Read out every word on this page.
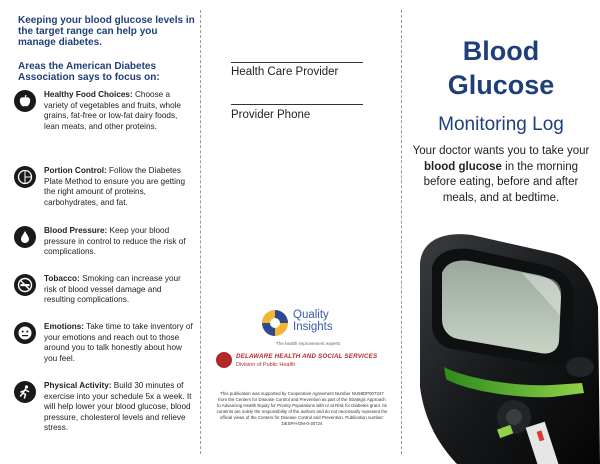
Keeping your blood glucose levels in the target range can help you manage diabetes.
Areas the American Diabetes Association says to focus on:
Healthy Food Choices: Choose a variety of vegetables and fruits, whole grains, fat-free or low-fat dairy foods, lean meats, and other proteins.
Portion Control: Follow the Diabetes Plate Method to ensure you are getting the right amount of proteins, carbohydrates, and fat.
Blood Pressure: Keep your blood pressure in control to reduce the risk of complications.
Tobacco: Smoking can increase your risk of blood vessel damage and resulting complications.
Emotions: Take time to take inventory of your emotions and reach out to those around you to talk honestly about how you feel.
Physical Activity: Build 30 minutes of exercise into your schedule 5x a week. It will help lower your blood glucose, blood pressure, cholesterol levels and relieve stress.
Health Care Provider
Provider Phone
Quality
Insights
The health improvement experts
DELAWARE HEALTH AND SOCIAL SERVICES
Division of Public Health
This publication was supported by Cooperative Agreement Number NU58DP007347 from the Centers for Disease Control and Prevention as part of the Strategic Approach to Advancing Health Equity for Priority Populations with or at Risk for Diabetes grant. Its contents are solely the responsibility of the authors and do not necessarily represent the official views of the Centers for Disease Control and Prevention. Publication number: DESPH-DM-0-30724
Blood
Glucose
Monitoring Log
Your doctor wants you to take your blood glucose in the morning before eating, before and after meals, and at bedtime.
